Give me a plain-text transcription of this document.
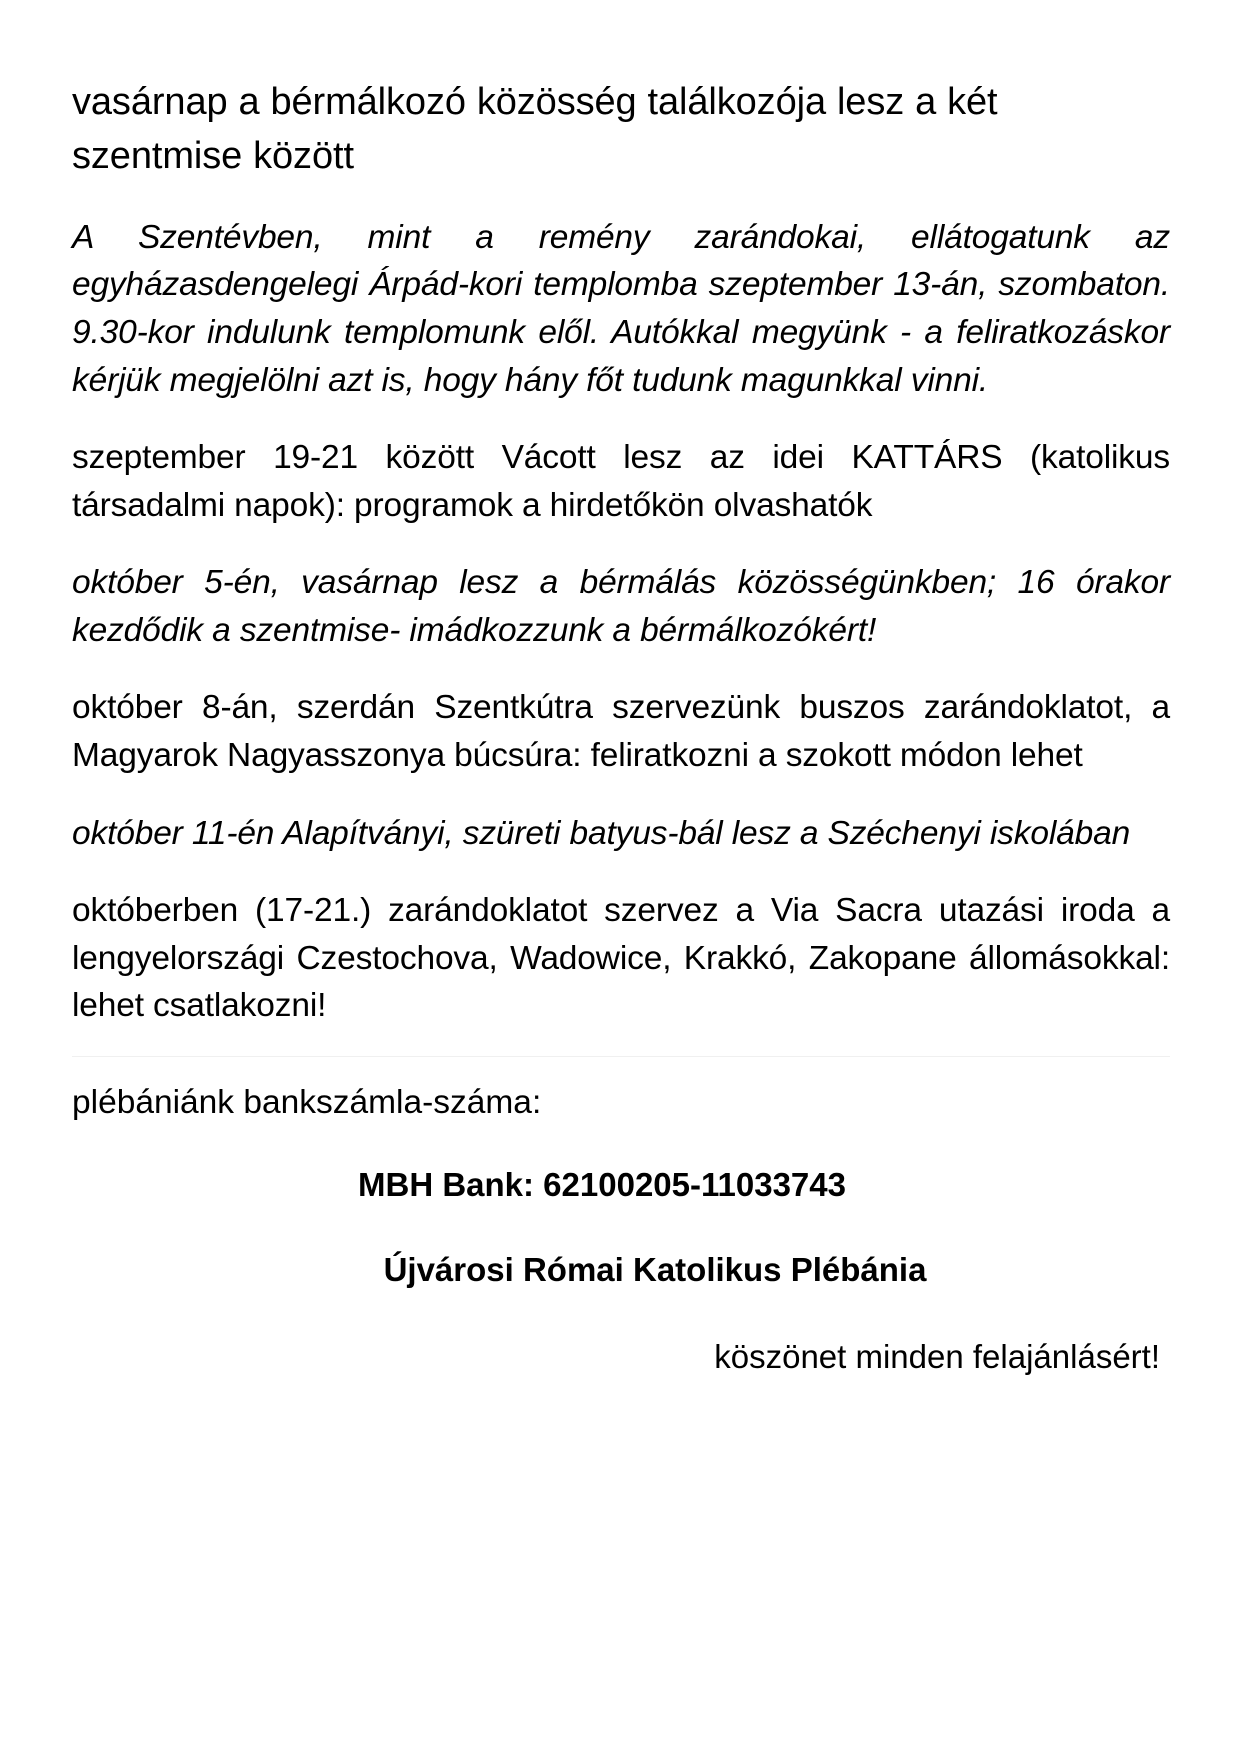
vasárnap a bérmálkozó közösség találkozója lesz a két szentmise között

A Szentévben, mint a remény zarándokai, ellátogatunk az egyházasdengelegi Árpád-kori templomba szeptember 13-án, szombaton. 9.30-kor indulunk templomunk elől. Autókkal megyünk - a feliratkozáskor kérjük megjelölni azt is, hogy hány főt tudunk magunkkal vinni.

szeptember 19-21 között Vácott lesz az idei KATTÁRS (katolikus társadalmi napok): programok a hirdetőkön olvashatók

október 5-én, vasárnap lesz a bérmálás közösségünkben; 16 órakor kezdődik a szentmise- imádkozzunk a bérmálkozókért!

október 8-án, szerdán Szentkútra szervezünk buszos zarándoklatot, a Magyarok Nagyasszonya búcsúra: feliratkozni a szokott módon lehet

október 11-én Alapítványi, szüreti batyus-bál lesz a Széchenyi iskolában

októberben (17-21.) zarándoklatot szervez a Via Sacra utazási iroda a lengyelországi Czestochova, Wadowice, Krakkó, Zakopane állomásokkal: lehet csatlakozni!

plébániánk bankszámla-száma:

MBH Bank: 62100205-11033743

Újvárosi Római Katolikus Plébánia

köszönet minden felajánlásért!
